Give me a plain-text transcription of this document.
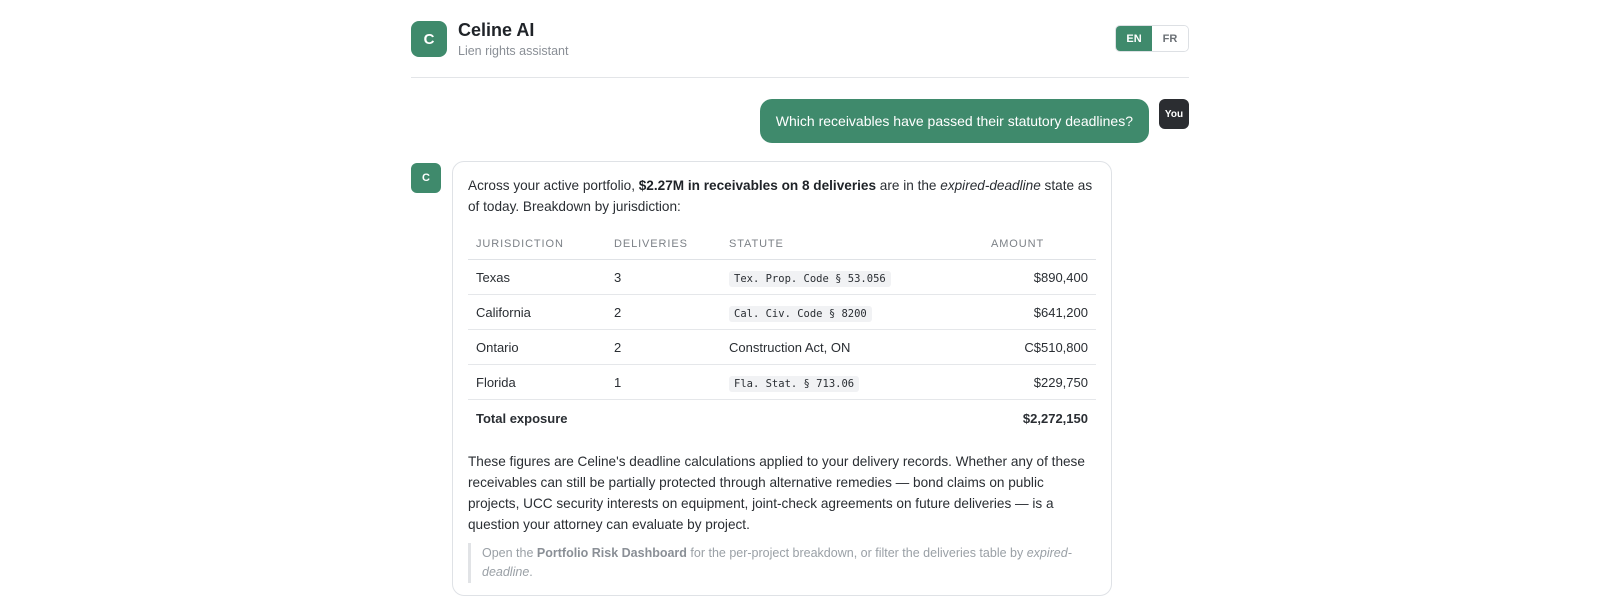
C	Celine AI
Lien rights assistant
EN	FR
Which receivables have passed their statutory deadlines?	You
C	Across your active portfolio, $2.27M in receivables on 8 deliveries are in the expired-deadline state as of today. Breakdown by jurisdiction:
JURISDICTION	DELIVERIES	STATUTE	AMOUNT
Texas	3	Tex. Prop. Code § 53.056	$890,400
California	2	Cal. Civ. Code § 8200	$641,200
Ontario	2	Construction Act, ON	C$510,800
Florida	1	Fla. Stat. § 713.06	$229,750
Total exposure			$2,272,150
These figures are Celine's deadline calculations applied to your delivery records. Whether any of these receivables can still be partially protected through alternative remedies — bond claims on public projects, UCC security interests on equipment, joint-check agreements on future deliveries — is a question your attorney can evaluate by project.
Open the Portfolio Risk Dashboard for the per-project breakdown, or filter the deliveries table by expired-deadline.
